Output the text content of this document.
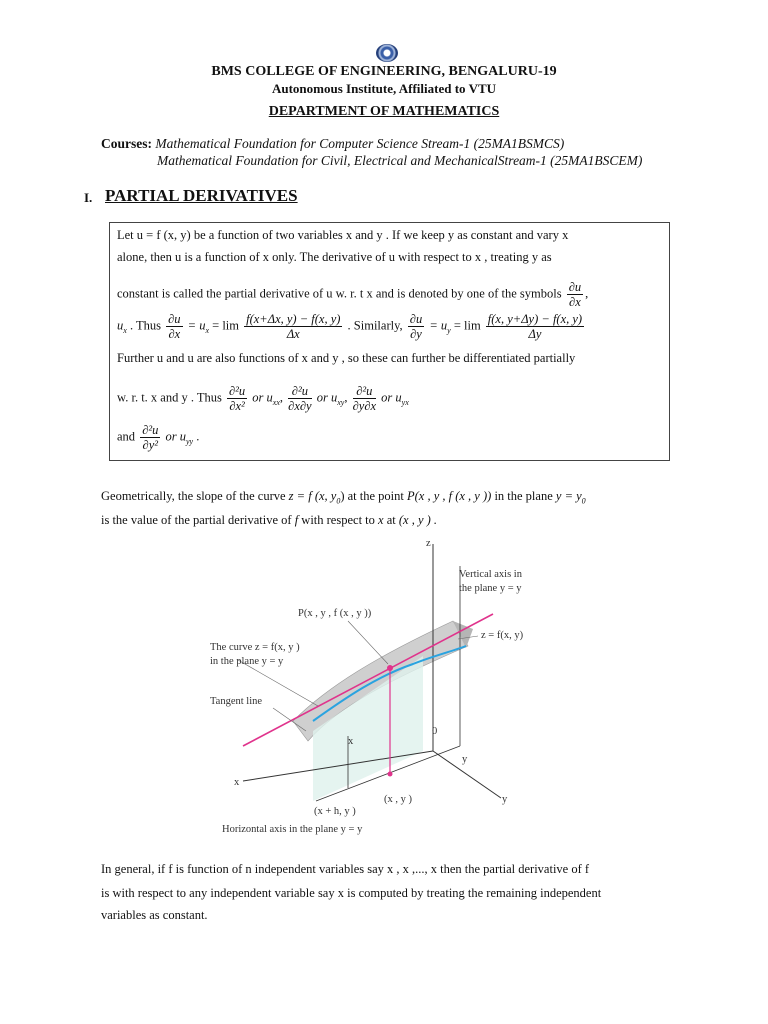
BMS COLLEGE OF ENGINEERING, BENGALURU-19
Autonomous Institute, Affiliated to VTU
DEPARTMENT OF MATHEMATICS
Courses: Mathematical Foundation for Computer Science Stream-1 (25MA1BSMCS)
Mathematical Foundation for Civil, Electrical and MechanicalStream-1 (25MA1BSCEM)
I. PARTIAL DERIVATIVES
Let u = f (x, y) be a function of two variables x and y . If we keep y as constant and vary x
alone, then u is a function of x only. The derivative of u with respect to x , treating y as
constant is called the partial derivative of u w. r. t x and is denoted by one of the symbols $\frac{\partial u}{\partial x}$ ,
$u_x$ . Thus $\frac{\partial u}{\partial x} = u_x = \lim \frac{f(x+\Delta x, y) - f(x, y)}{\Delta x}$ . Similarly, $\frac{\partial u}{\partial y} = u_y = \lim \frac{f(x, y+\Delta y) - f(x, y)}{\Delta y}$
Further u and u are also functions of x and y , so these can further be differentiated partially
w. r. t. x and y . Thus $\frac{\text{∂²u}}{\text{∂x²}}$ or $u_{xx}$, $\frac{\text{∂²u}}{\partial x\partial y}$ or $u_{xy}$, $\frac{\text{∂²u}}{\partial y\partial x}$ or $u_{yx}$
and $\frac{\text{∂²u}}{\text{∂y²}}$ or $u_{yy}$ .
Geometrically, the slope of the curve z = f (x, $y_0$) at the point P(x , y , f (x , y )) in the plane $y = y_0$
is the value of the partial derivative of f with respect to x at (x , y ) .
Vertical axis in
the plane y = y
P(x , y , f (x , y ))
z = f(x, y)
The curve z = f(x, y )
in the plane y = y
Tangent line
z
x
y
x
y
0
(x + h, y )
(x , y )
Horizontal axis in the plane y = y
In general, if f is function of n independent variables say x , x ,..., x then the partial derivative of f
is with respect to any independent variable say x is computed by treating the remaining independent
variables as constant.
